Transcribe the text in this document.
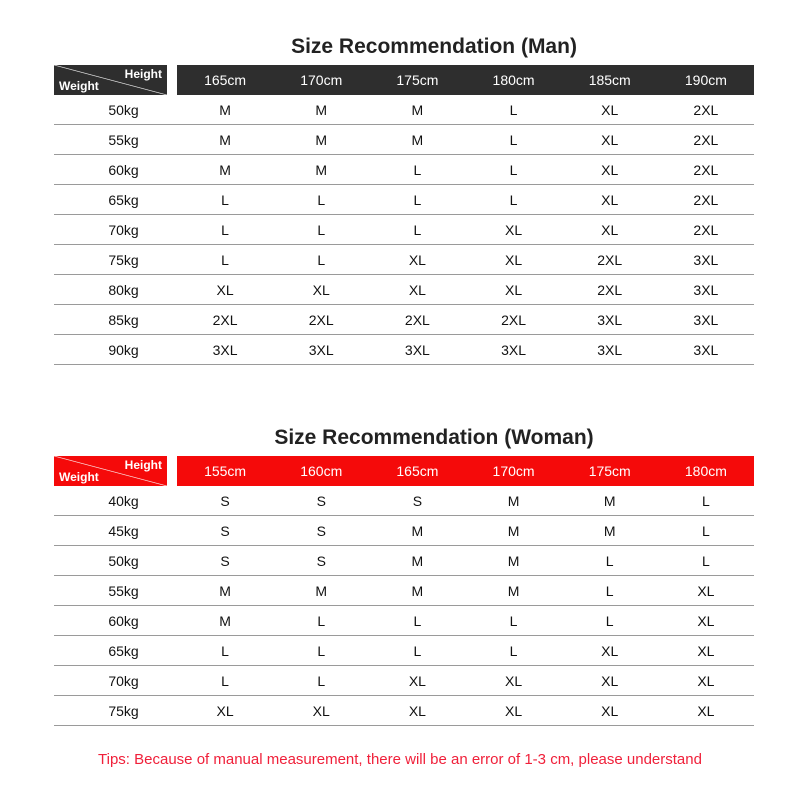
Size Recommendation (Man)
Height
Weight		165cm	170cm	175cm	180cm	185cm	190cm
50kg		M	M	M	L	XL	2XL
55kg		M	M	M	L	XL	2XL
60kg		M	M	L	L	XL	2XL
65kg		L	L	L	L	XL	2XL
70kg		L	L	L	XL	XL	2XL
75kg		L	L	XL	XL	2XL	3XL
80kg		XL	XL	XL	XL	2XL	3XL
85kg		2XL	2XL	2XL	2XL	3XL	3XL
90kg		3XL	3XL	3XL	3XL	3XL	3XL
Size Recommendation (Woman)
Height
Weight		155cm	160cm	165cm	170cm	175cm	180cm
40kg		S	S	S	M	M	L
45kg		S	S	M	M	M	L
50kg		S	S	M	M	L	L
55kg		M	M	M	M	L	XL
60kg		M	L	L	L	L	XL
65kg		L	L	L	L	XL	XL
70kg		L	L	XL	XL	XL	XL
75kg		XL	XL	XL	XL	XL	XL
Tips: Because of manual measurement, there will be an error of 1-3 cm, please understand
